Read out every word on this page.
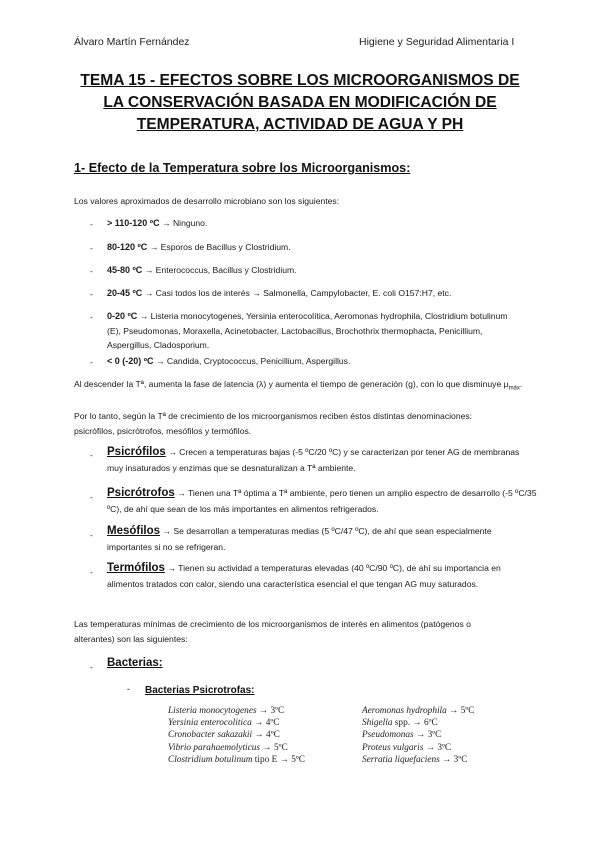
Álvaro Martín Fernández	Higiene y Seguridad Alimentaria I
TEMA 15 - EFECTOS SOBRE LOS MICROORGANISMOS DE
LA CONSERVACIÓN BASADA EN MODIFICACIÓN DE
TEMPERATURA, ACTIVIDAD DE AGUA Y PH
1- Efecto de la Temperatura sobre los Microorganismos:
Los valores aproximados de desarrollo microbiano son los siguientes:
- > 110-120 ºC → Ninguno.
- 80-120 ºC → Esporos de Bacillus y Clostridium.
- 45-80 ºC → Enterococcus, Bacillus y Clostridium.
- 20-45 ºC → Casi todos los de interés → Salmonella, Campylobacter, E. coli O157:H7, etc.
- 0-20 ºC → Listeria monocytogenes, Yersinia enterocolítica, Aeromonas hydrophila, Clostridium botulinum (E), Pseudomonas, Moraxella, Acinetobacter, Lactobacillus, Brochothrix thermophacta, Penicillium, Aspergillus, Cladosporium.
- < 0 (-20) ºC → Candida, Cryptococcus, Penicillium, Aspergillus.
Al descender la Tª, aumenta la fase de latencia (λ) y aumenta el tiempo de generación (g), con lo que disminuye $\mu_{máx}$.
Por lo tanto, según la Tª de crecimiento de los microorganismos reciben éstos distintas denominaciones: psicrófilos, psicrótrofos, mesófilos y termófilos.
- Psicrófilos → Crecen a temperaturas bajas (-5 ºC/20 ºC) y se caracterizan por tener AG de membranas muy insaturados y enzimas que se desnaturalizan a Tª ambiente.
- Psicrótrofos → Tienen una Tª óptima a Tª ambiente, pero tienen un amplio espectro de desarrollo (-5 ºC/35 ºC), de ahí que sean de los más importantes en alimentos refrigerados.
- Mesófilos → Se desarrollan a temperaturas medias (5 ºC/47 ºC), de ahí que sean especialmente importantes si no se refrigeran.
- Termófilos → Tienen su actividad a temperaturas elevadas (40 ºC/90 ºC), de ahí su importancia en alimentos tratados con calor, siendo una característica esencial el que tengan AG muy saturados.
Las temperaturas mínimas de crecimiento de los microorganismos de interés en alimentos (patógenos o alterantes) son las siguientes:
- Bacterias:
- Bacterias Psicrotrofas:
Listeria monocytogenes → 3ºC
Yersinia enterocolitica → 4ºC
Cronobacter sakazakii → 4ºC
Vibrio parahaemolyticus → 5ºC
Clostridium botulinum tipo E → 5ºC
Aeromonas hydrophila → 5ºC
Shigella spp. → 6ºC
Pseudomonas → 3ºC
Proteus vulgaris → 3ºC
Serratia liquefaciens → 3ºC
